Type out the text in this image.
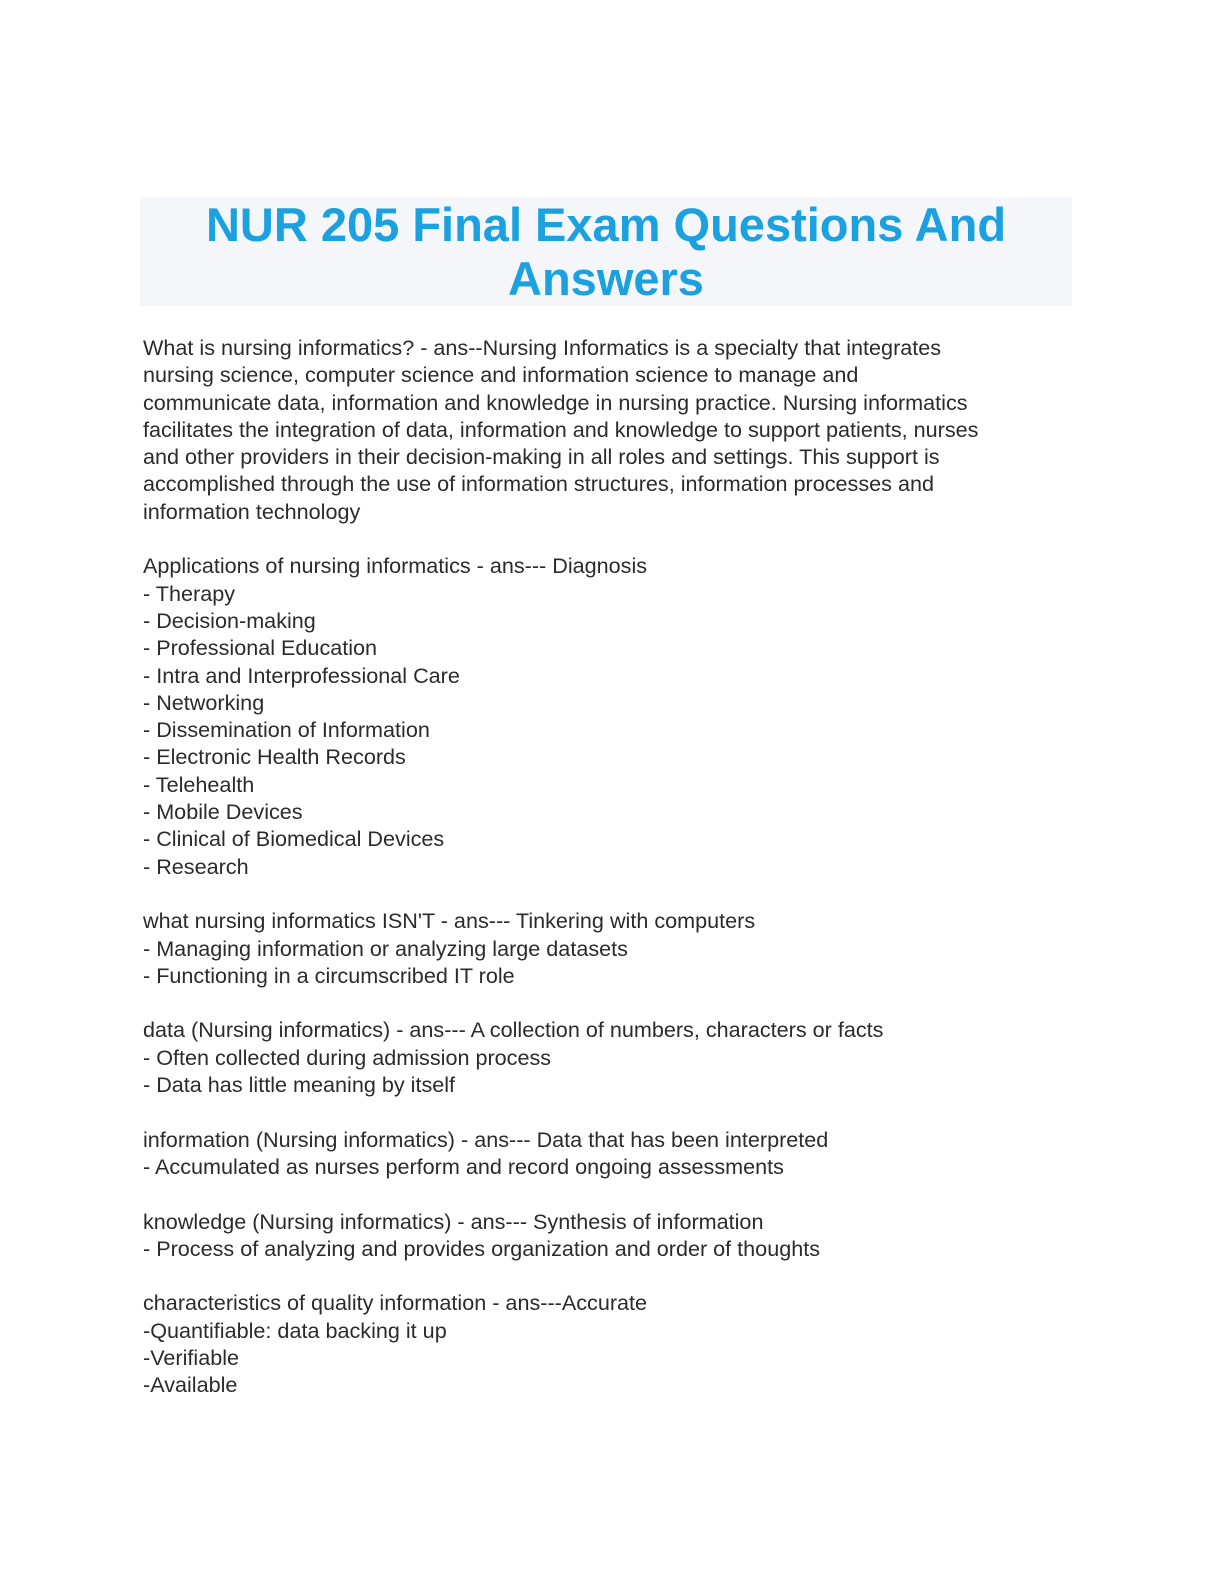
NUR 205 Final Exam Questions And Answers
What is nursing informatics? - ans--Nursing Informatics is a specialty that integrates
nursing science, computer science and information science to manage and
communicate data, information and knowledge in nursing practice. Nursing informatics
facilitates the integration of data, information and knowledge to support patients, nurses
and other providers in their decision-making in all roles and settings. This support is
accomplished through the use of information structures, information processes and
information technology
Applications of nursing informatics - ans--- Diagnosis
- Therapy
- Decision-making
- Professional Education
- Intra and Interprofessional Care
- Networking
- Dissemination of Information
- Electronic Health Records
- Telehealth
- Mobile Devices
- Clinical of Biomedical Devices
- Research
what nursing informatics ISN'T - ans--- Tinkering with computers
- Managing information or analyzing large datasets
- Functioning in a circumscribed IT role
data (Nursing informatics) - ans--- A collection of numbers, characters or facts
- Often collected during admission process
- Data has little meaning by itself
information (Nursing informatics) - ans--- Data that has been interpreted
- Accumulated as nurses perform and record ongoing assessments
knowledge (Nursing informatics) - ans--- Synthesis of information
- Process of analyzing and provides organization and order of thoughts
characteristics of quality information - ans---Accurate
-Quantifiable: data backing it up
-Verifiable
-Available
